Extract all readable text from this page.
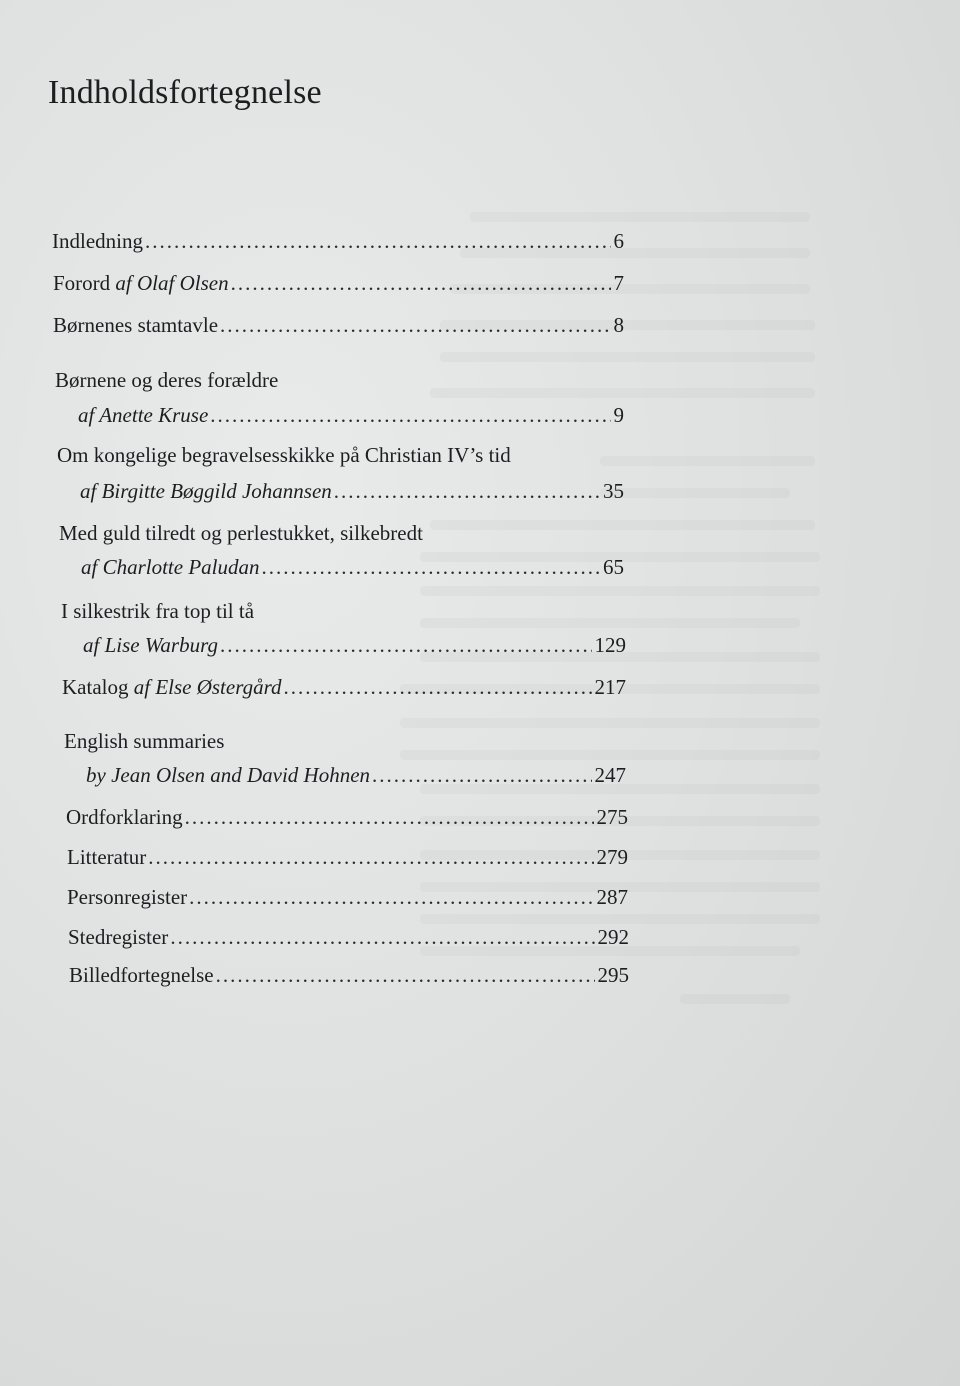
Indholdsfortegnelse
Indledning .....	6
Forord af Olaf Olsen .....	7
Børnenes stamtavle .....	8
Børnene og deres forældre
af Anette Kruse .....	9
Om kongelige begravelsesskikke på Christian IV’s tid
af Birgitte Bøggild Johannsen .....	35
Med guld tilredt og perlestukket, silkebredt
af Charlotte Paludan .....	65
I silkestrik fra top til tå
af Lise Warburg .....	129
Katalog af Else Østergård .....	217
English summaries
by Jean Olsen and David Hohnen .....	247
Ordforklaring .....	275
Litteratur .....	279
Personregister .....	287
Stedregister .....	292
Billedfortegnelse .....	295
